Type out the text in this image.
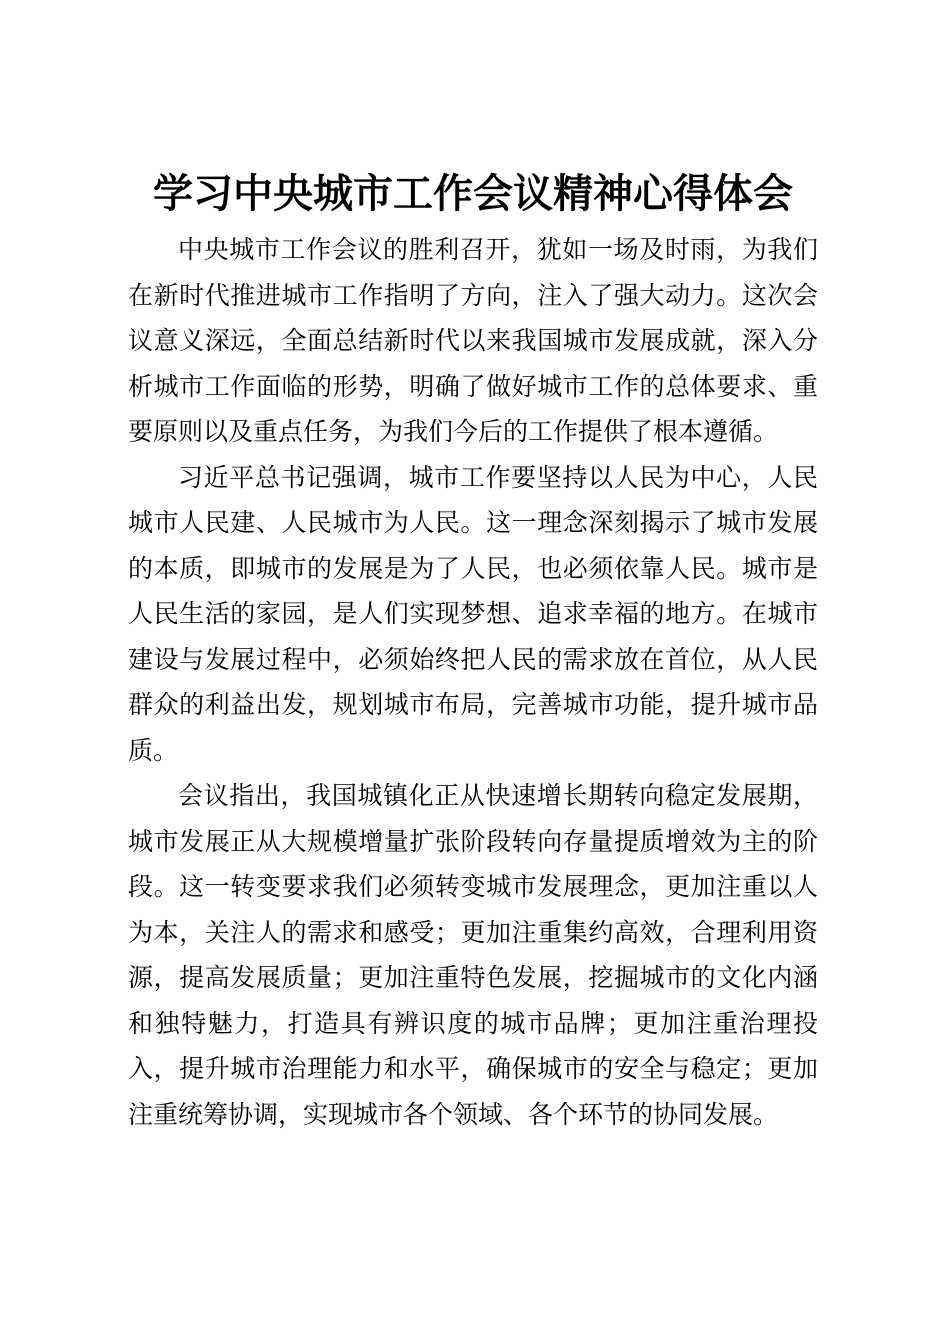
学习中央城市工作会议精神心得体会

中央城市工作会议的胜利召开，犹如一场及时雨，为我们在新时代推进城市工作指明了方向，注入了强大动力。这次会议意义深远，全面总结新时代以来我国城市发展成就，深入分析城市工作面临的形势，明确了做好城市工作的总体要求、重要原则以及重点任务，为我们今后的工作提供了根本遵循。

习近平总书记强调，城市工作要坚持以人民为中心，人民城市人民建、人民城市为人民。这一理念深刻揭示了城市发展的本质，即城市的发展是为了人民，也必须依靠人民。城市是人民生活的家园，是人们实现梦想、追求幸福的地方。在城市建设与发展过程中，必须始终把人民的需求放在首位，从人民群众的利益出发，规划城市布局，完善城市功能，提升城市品质。

会议指出，我国城镇化正从快速增长期转向稳定发展期，城市发展正从大规模增量扩张阶段转向存量提质增效为主的阶段。这一转变要求我们必须转变城市发展理念，更加注重以人为本，关注人的需求和感受；更加注重集约高效，合理利用资源，提高发展质量；更加注重特色发展，挖掘城市的文化内涵和独特魅力，打造具有辨识度的城市品牌；更加注重治理投入，提升城市治理能力和水平，确保城市的安全与稳定；更加注重统筹协调，实现城市各个领域、各个环节的协同发展。
